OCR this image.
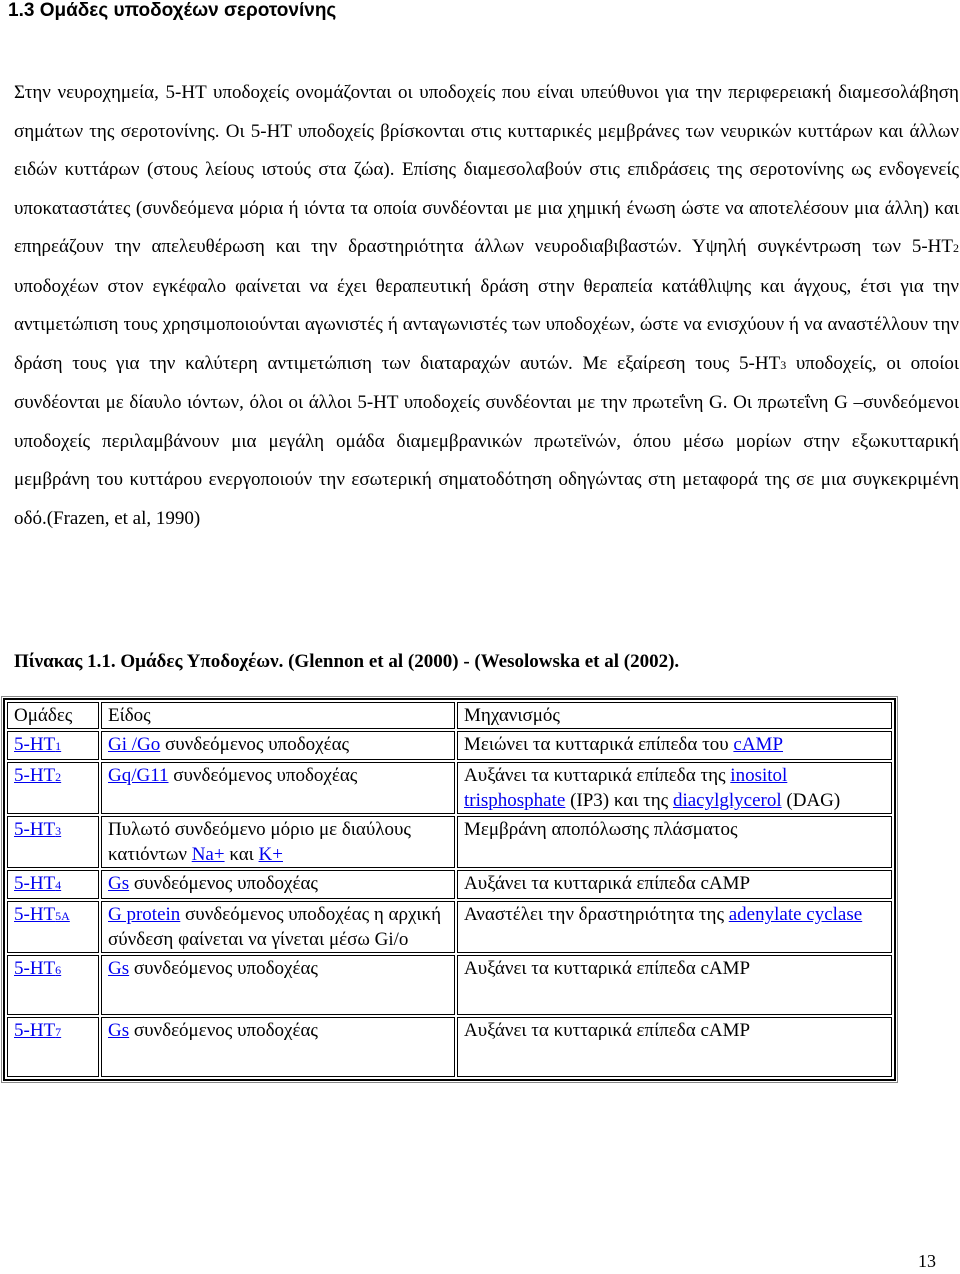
1.3 Ομάδες υποδοχέων σεροτονίνης

Στην νευροχημεία, 5-HT υποδοχείς ονομάζονται οι υποδοχείς που είναι υπεύθυνοι για την περιφερειακή διαμεσολάβηση σημάτων της σεροτονίνης. Οι 5-HT υποδοχείς βρίσκονται στις κυτταρικές μεμβράνες των νευρικών κυττάρων και άλλων ειδών κυττάρων (στους λείους ιστούς στα ζώα). Επίσης διαμεσολαβούν στις επιδράσεις της σεροτονίνης ως ενδογενείς υποκαταστάτες (συνδεόμενα μόρια ή ιόντα τα οποία συνδέονται με μια χημική ένωση ώστε να αποτελέσουν μια άλλη) και επηρεάζουν την απελευθέρωση και την δραστηριότητα άλλων νευροδιαβιβαστών. Υψηλή συγκέντρωση των 5-HT2 υποδοχέων στον εγκέφαλο φαίνεται να έχει θεραπευτική δράση στην θεραπεία κατάθλιψης και άγχους, έτσι για την αντιμετώπιση τους χρησιμοποιούνται αγωνιστές ή ανταγωνιστές των υποδοχέων, ώστε να ενισχύουν ή να αναστέλλουν την δράση τους για την καλύτερη αντιμετώπιση των διαταραχών αυτών. Με εξαίρεση τους 5-HT3 υποδοχείς, οι οποίοι συνδέονται με δίαυλο ιόντων, όλοι οι άλλοι 5-HT υποδοχείς συνδέονται με την πρωτεΐνη G. Οι πρωτεΐνη G –συνδεόμενοι υποδοχείς περιλαμβάνουν μια μεγάλη ομάδα διαμεμβρανικών πρωτεϊνών, όπου μέσω μορίων στην εξωκυτταρική μεμβράνη του κυττάρου ενεργοποιούν την εσωτερική σηματοδότηση οδηγώντας στη μεταφορά της σε μια συγκεκριμένη οδό.(Frazen, et al, 1990)

Πίνακας 1.1. Ομάδες Υποδοχέων. (Glennon et al (2000) - (Wesolowska et al (2002).
Ομάδες	Είδος	Μηχανισμός
5-HT1	Gi /Go συνδεόμενος υποδοχέας	Μειώνει τα κυτταρικά επίπεδα του cAMP
5-HT2	Gq/G11 συνδεόμενος υποδοχέας	Αυξάνει τα κυτταρικά επίπεδα της inositol trisphosphate (IP3) και της diacylglycerol (DAG)
5-HT3	Πυλωτό συνδεόμενο μόριο με διαύλους κατιόντων Na+ και K+	Μεμβράνη αποπόλωσης πλάσματος
5-HT4	Gs συνδεόμενος υποδοχέας	Αυξάνει τα κυτταρικά επίπεδα cAMP
5-HT5A	G protein συνδεόμενος υποδοχέας η αρχική σύνδεση φαίνεται να γίνεται μέσω Gi/o	Αναστέλει την δραστηριότητα της adenylate cyclase
5-HT6	Gs συνδεόμενος υποδοχέας	Αυξάνει τα κυτταρικά επίπεδα cAMP
5-HT7	Gs συνδεόμενος υποδοχέας	Αυξάνει τα κυτταρικά επίπεδα cAMP
13
